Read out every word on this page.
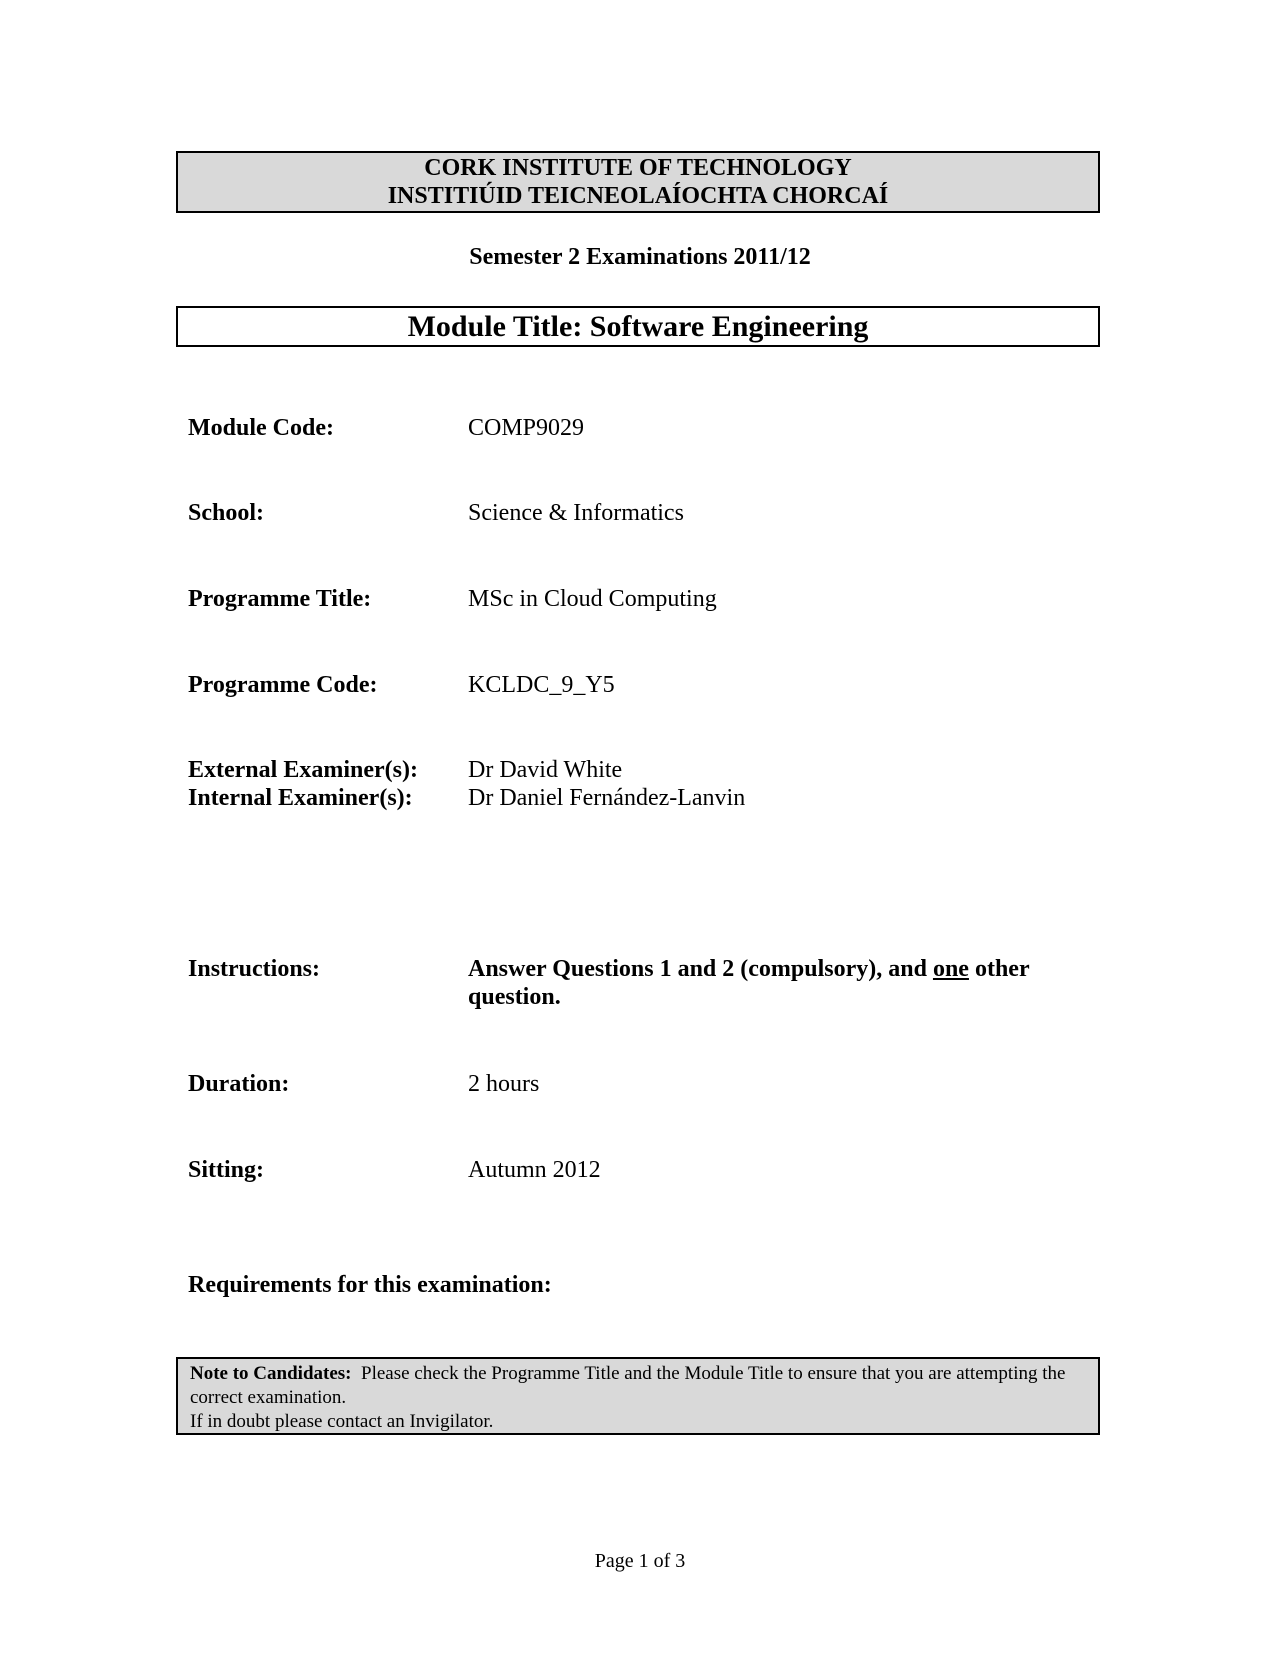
CORK INSTITUTE OF TECHNOLOGY
INSTITIÚID TEICNEOLAÍOCHTA CHORCAÍ
Semester 2 Examinations 2011/12
Module Title: Software Engineering
Module Code:	COMP9029
School:	Science & Informatics
Programme Title:	MSc in Cloud Computing
Programme Code:	KCLDC_9_Y5
External Examiner(s): Dr David White
Internal Examiner(s): Dr Daniel Fernández-Lanvin
Instructions:	Answer Questions 1 and 2 (compulsory), and one other question.
Duration:	2 hours
Sitting:	Autumn 2012
Requirements for this examination:
Note to Candidates: Please check the Programme Title and the Module Title to ensure that you are attempting the correct examination.
If in doubt please contact an Invigilator.
Page 1 of 3
